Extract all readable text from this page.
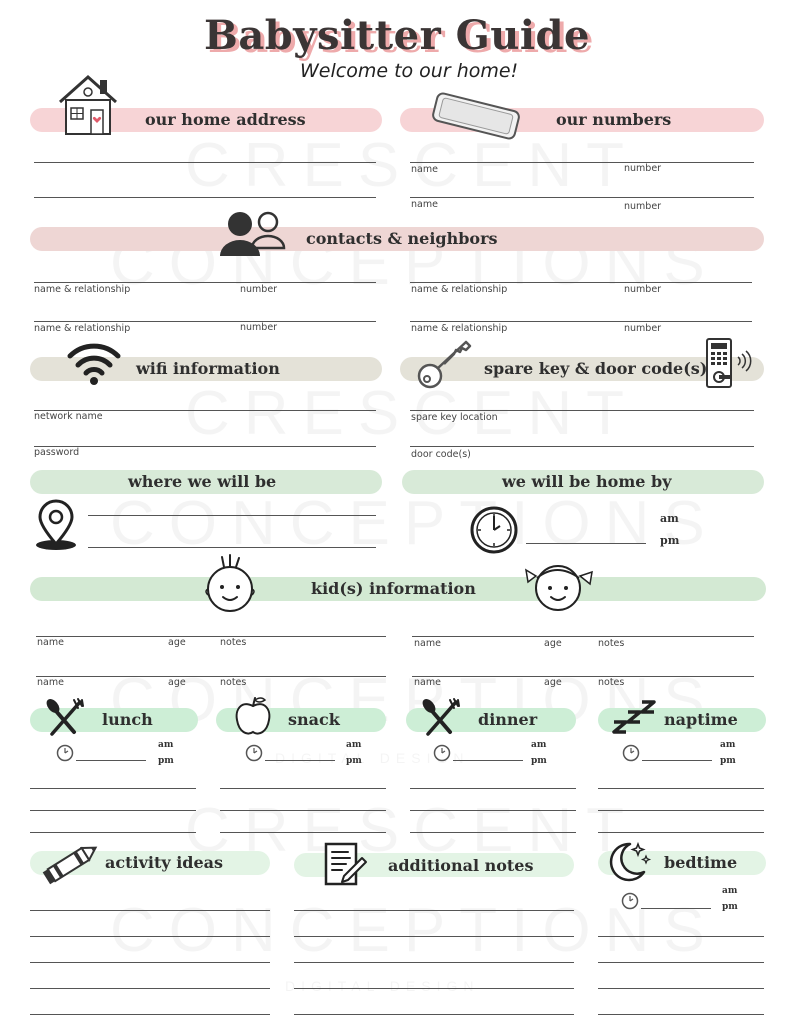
Babysitter Guide
Welcome to our home!
our home address	our numbers
name	number
name	number
contacts & neighbors
name & relationship	number	name & relationship	number
name & relationship	number	name & relationship	number
wifi information
network name
password
spare key & door code(s)
spare key location
door code(s)
where we will be	we will be home by
am
pm
kid(s) information
name	age	notes	name	age	notes
name	age	notes	name	age	notes
lunch	snack	dinner	naptime
am
pm
am
pm
am
pm
am
pm
activity ideas	additional notes	bedtime
am
pm
